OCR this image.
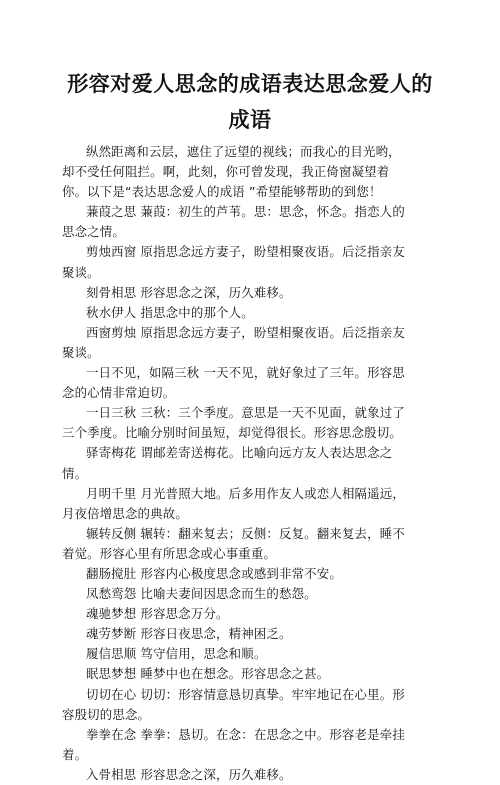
形容对爱人思念的成语表达思念爱人的
成语

纵然距离和云层，遮住了远望的视线；而我心的目光哟，却不受任何阻拦。啊，此刻，你可曾发现，我正倚窗凝望着你。以下是“表达思念爱人的成语 ”希望能够帮助的到您！

蒹葭之思 蒹葭：初生的芦苇。思：思念，怀念。指恋人的思念之情。

剪烛西窗 原指思念远方妻子，盼望相聚夜语。后泛指亲友聚谈。

刻骨相思 形容思念之深，历久难移。

秋水伊人 指思念中的那个人。

西窗剪烛 原指思念远方妻子，盼望相聚夜语。后泛指亲友聚谈。

一日不见，如隔三秋 一天不见，就好象过了三年。形容思念的心情非常迫切。

一日三秋 三秋：三个季度。意思是一天不见面，就象过了三个季度。比喻分别时间虽短，却觉得很长。形容思念殷切。

驿寄梅花 谓邮差寄送梅花。比喻向远方友人表达思念之情。

月明千里 月光普照大地。后多用作友人或恋人相隔遥远，月夜倍增思念的典故。

辗转反侧 辗转：翻来复去；反侧：反复。翻来复去，睡不着觉。形容心里有所思念或心事重重。

翻肠搅肚 形容内心极度思念或感到非常不安。

凤愁鸾怨 比喻夫妻间因思念而生的愁怨。

魂驰梦想 形容思念万分。

魂劳梦断 形容日夜思念，精神困乏。

履信思顺 笃守信用，思念和顺。

眠思梦想 睡梦中也在想念。形容思念之甚。

切切在心 切切：形容情意恳切真挚。牢牢地记在心里。形容殷切的思念。

拳拳在念 拳拳：恳切。在念：在思念之中。形容老是牵挂着。

入骨相思 形容思念之深，历久难移。
